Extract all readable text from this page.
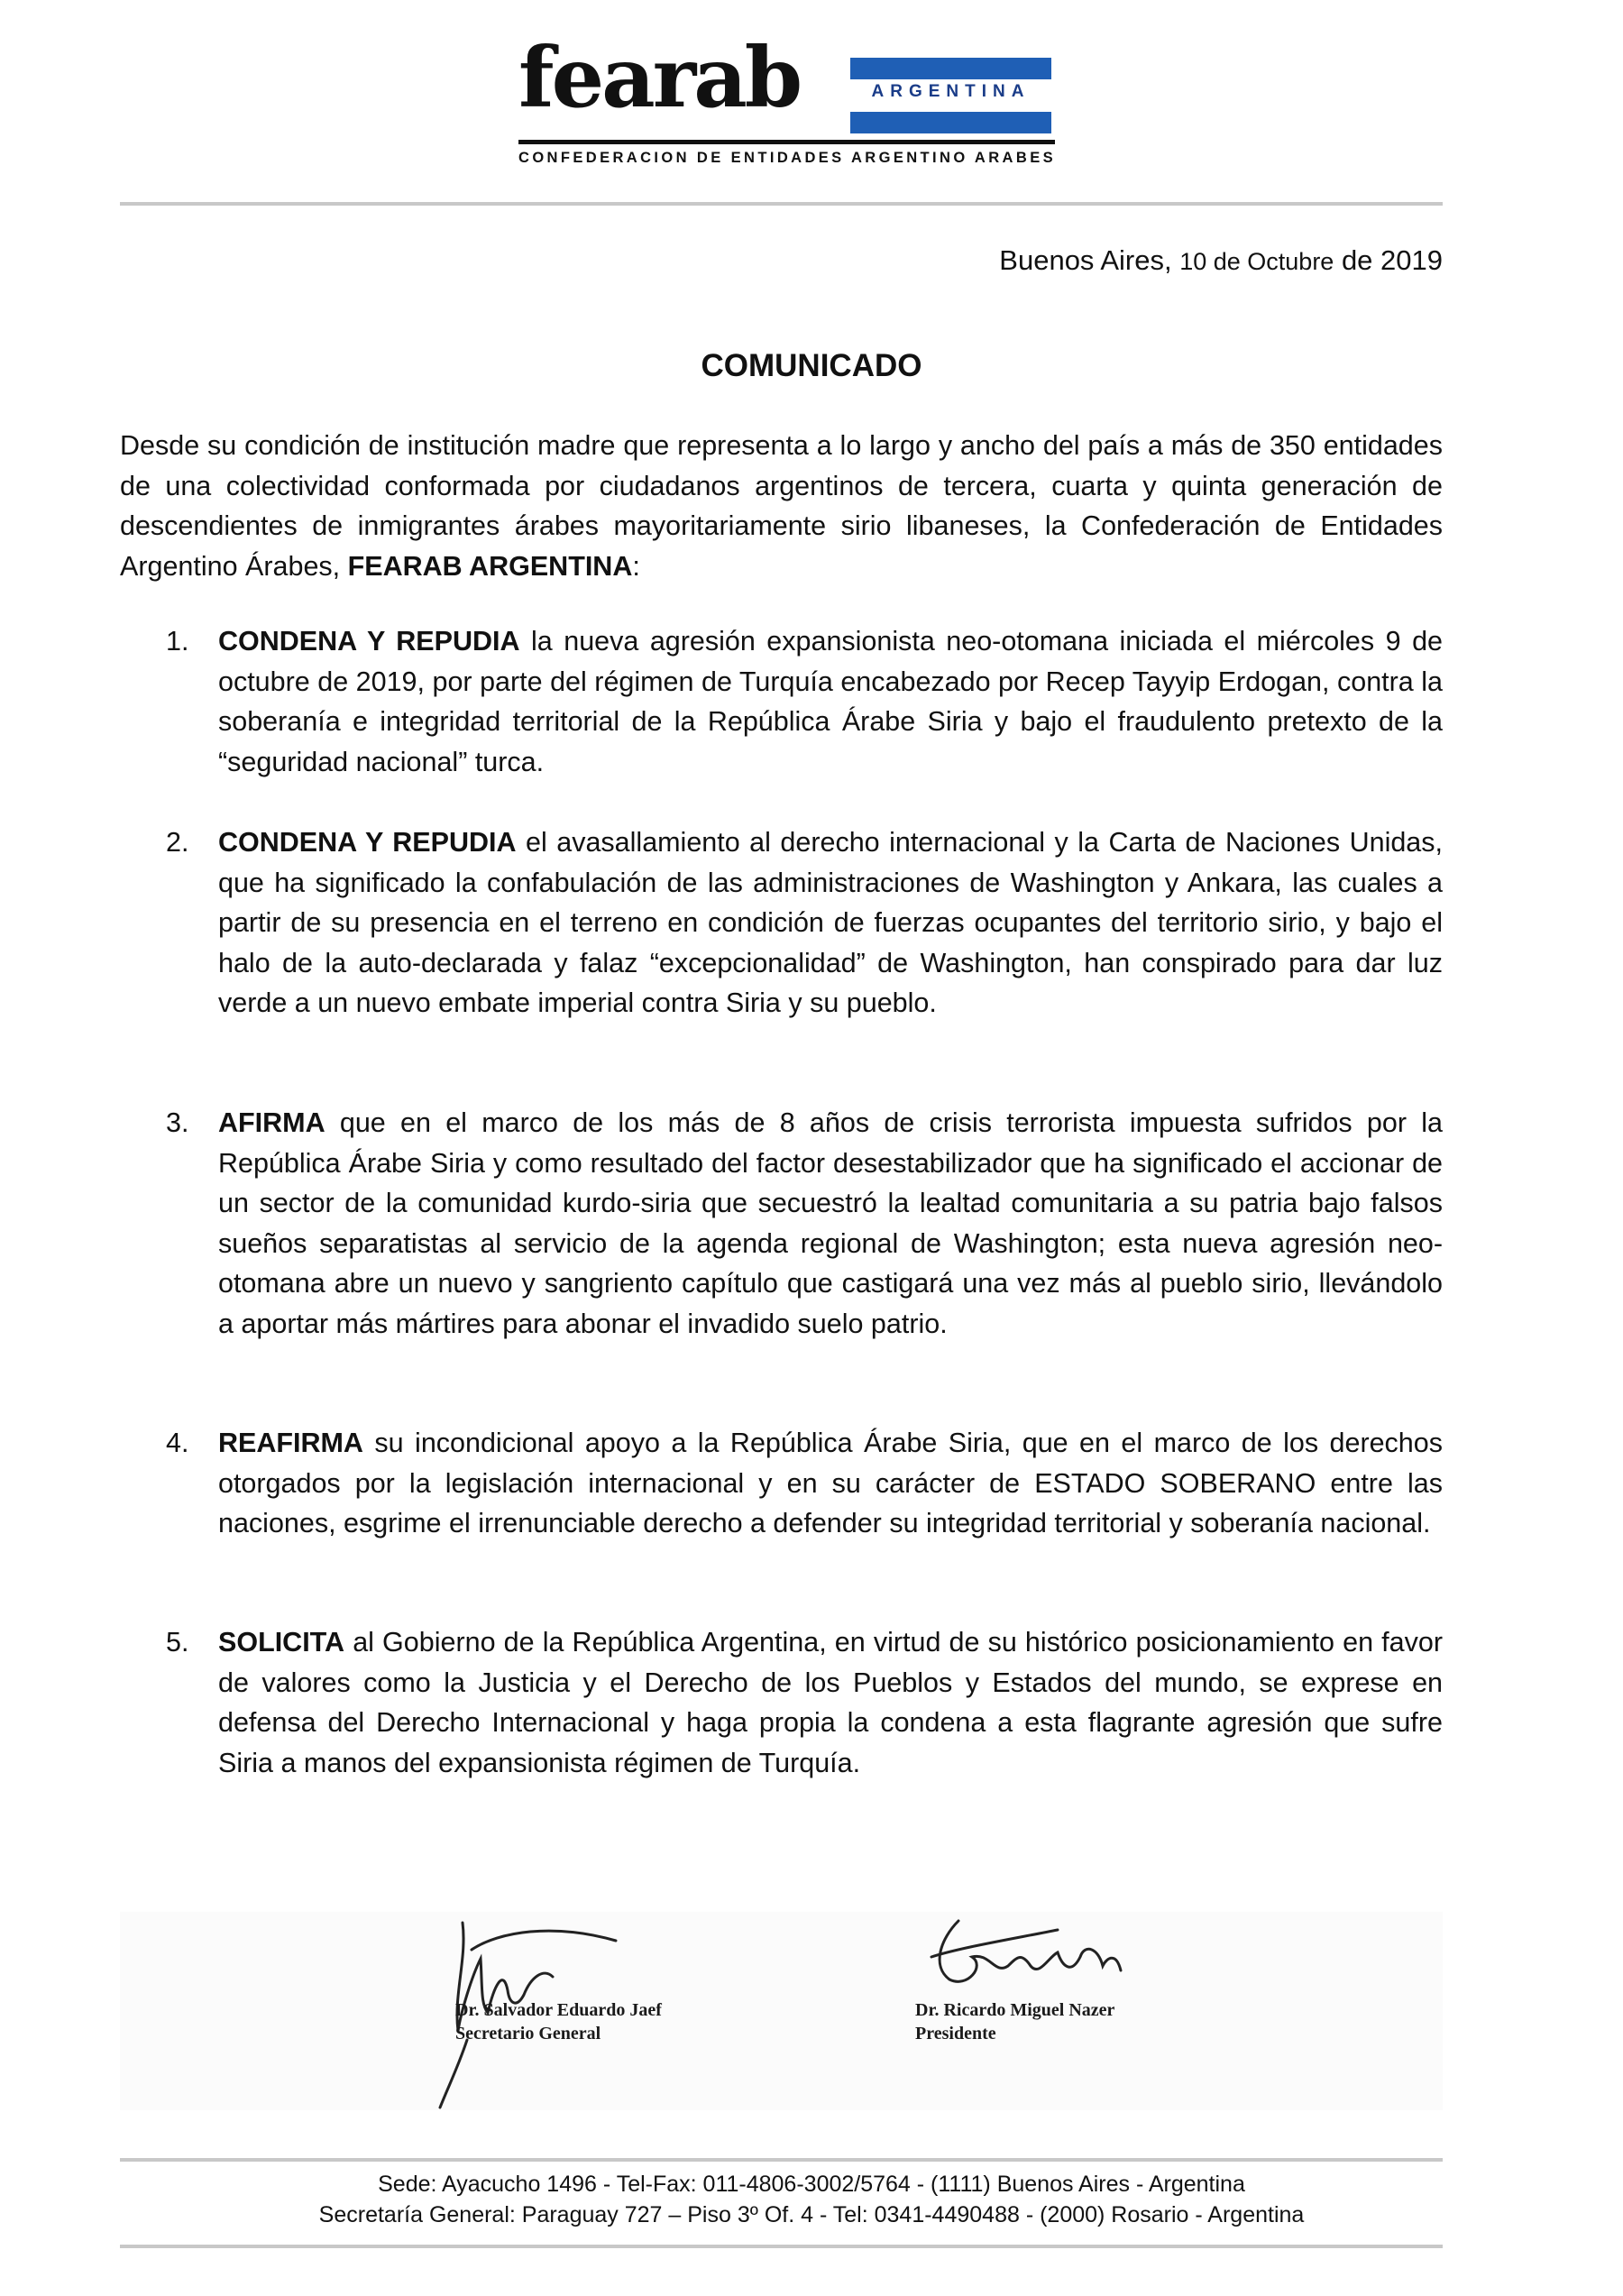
fearab	ARGENTINA
CONFEDERACION DE ENTIDADES ARGENTINO ARABES
Buenos Aires, 10 de Octubre de 2019
COMUNICADO
Desde su condición de institución madre que representa a lo largo y ancho del país a más de 350 entidades de una colectividad conformada por ciudadanos argentinos de tercera, cuarta y quinta generación de descendientes de inmigrantes árabes mayoritariamente sirio libaneses, la Confederación de Entidades Argentino Árabes, FEARAB ARGENTINA:
1. CONDENA Y REPUDIA la nueva agresión expansionista neo-otomana iniciada el miércoles 9 de octubre de 2019, por parte del régimen de Turquía encabezado por Recep Tayyip Erdogan, contra la soberanía e integridad territorial de la República Árabe Siria y bajo el fraudulento pretexto de la “seguridad nacional” turca.
2. CONDENA Y REPUDIA el avasallamiento al derecho internacional y la Carta de Naciones Unidas, que ha significado la confabulación de las administraciones de Washington y Ankara, las cuales a partir de su presencia en el terreno en condición de fuerzas ocupantes del territorio sirio, y bajo el halo de la auto-declarada y falaz “excepcionalidad” de Washington, han conspirado para dar luz verde a un nuevo embate imperial contra Siria y su pueblo.
3. AFIRMA que en el marco de los más de 8 años de crisis terrorista impuesta sufridos por la República Árabe Siria y como resultado del factor desestabilizador que ha significado el accionar de un sector de la comunidad kurdo-siria que secuestró la lealtad comunitaria a su patria bajo falsos sueños separatistas al servicio de la agenda regional de Washington; esta nueva agresión neo-otomana abre un nuevo y sangriento capítulo que castigará una vez más al pueblo sirio, llevándolo a aportar más mártires para abonar el invadido suelo patrio.
4. REAFIRMA su incondicional apoyo a la República Árabe Siria, que en el marco de los derechos otorgados por la legislación internacional y en su carácter de ESTADO SOBERANO entre las naciones, esgrime el irrenunciable derecho a defender su integridad territorial y soberanía nacional.
5. SOLICITA al Gobierno de la República Argentina, en virtud de su histórico posicionamiento en favor de valores como la Justicia y el Derecho de los Pueblos y Estados del mundo, se exprese en defensa del Derecho Internacional y haga propia la condena a esta flagrante agresión que sufre Siria a manos del expansionista régimen de Turquía.
Dr. Salvador Eduardo Jaef
Secretario General
Dr. Ricardo Miguel Nazer
Presidente
Sede: Ayacucho 1496 - Tel-Fax: 011-4806-3002/5764 - (1111) Buenos Aires - Argentina
Secretaría General: Paraguay 727 – Piso 3º Of. 4 - Tel: 0341-4490488 - (2000) Rosario - Argentina
